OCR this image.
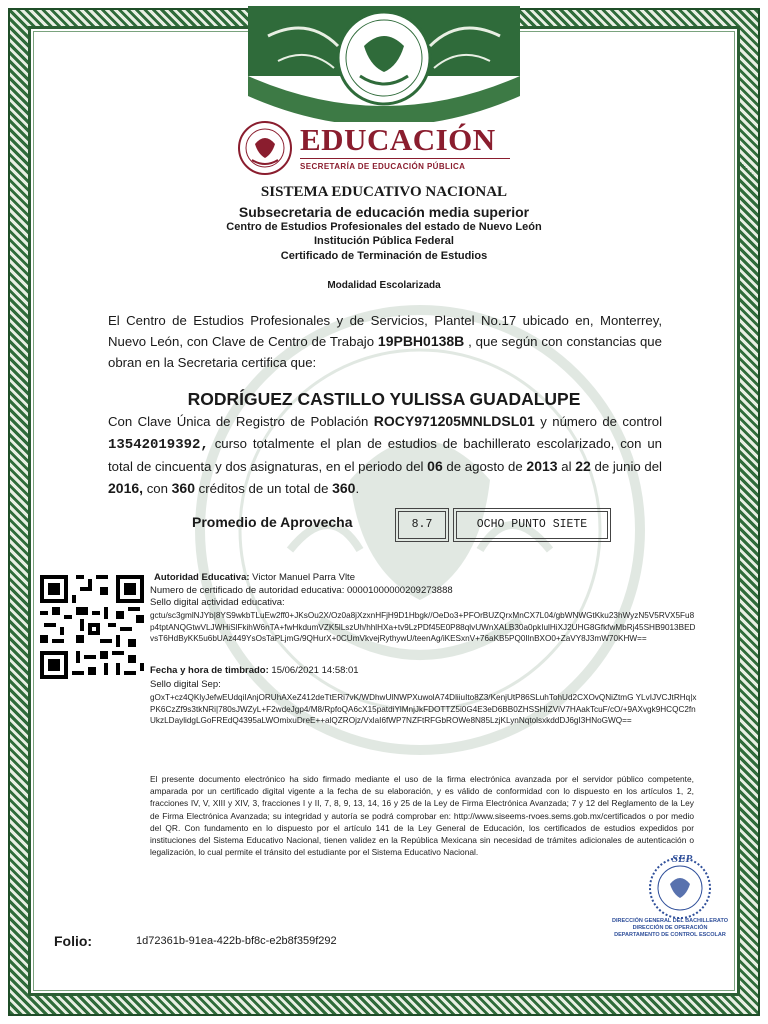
EDUCACIÓN
SECRETARÍA DE EDUCACIÓN PÚBLICA
SISTEMA EDUCATIVO NACIONAL
Subsecretaria de educación media superior
Centro de Estudios Profesionales del estado de Nuevo León
Institución Pública Federal
Certificado de Terminación de Estudios
Modalidad Escolarizada
El Centro de Estudios Profesionales y de Servicios, Plantel No.17 ubicado en, Monterrey, Nuevo León, con Clave de Centro de Trabajo 19PBH0138B , que según con constancias que obran en la Secretaria certifica que:
RODRÍGUEZ CASTILLO YULISSA GUADALUPE
Con Clave Única de Registro de Población ROCY971205MNLDSL01 y número de control 13542019392, curso totalmente el plan de estudios de bachillerato escolarizado, con un total de cincuenta y dos asignaturas, en el periodo del 06 de agosto de 2013 al 22 de junio del 2016, con 360 créditos de un total de 360.
Promedio de Aprovecha	8.7	OCHO PUNTO SIETE
Autoridad Educativa: Victor Manuel Parra Vlte
Numero de certificado de autoridad educativa: 00001000000209273888
Sello digital actividad educativa:
gctu/sc3gmlNJYb|8YS9wkbTLuEw2ff0+JKsOu2X/Oz0a8jXzxnHFjH9D1Hbgk//OeDo3+PFOrBUZQrxMnCX7L04/gbWNWGtKku23hWyzN5V5RVX5Fu8p4tptANQGtwVLJWHiSlFkihW6nTA+fwHkdumVZK5lLszUh/hhlHXa+tv9LzPDf45E0P88qlvUWnXALB30a0pkIulHiXJ2UHG8GfkfwMbRj45SHB9013BEDvsT6HdByKK5u6bUAz449YsOsTaPLjmG/9QHurX+0CUmVkvejRythywU/teenAg/iKESxnV+76aKB5PQ0IlnBXO0+ZaVY8J3mW70KHW==
Fecha y hora de timbrado: 15/06/2021 14:58:01
Sello digital Sep:
gOxT+cz4QKlyJefwEUdqiIAnjORUhAXeZ412deTtERi7vK/WDhwUlNWPXuwolA74DliiuIto8Z3/KenjUtP86SLuhTohUd2CXOvQNiZtmG YLvIJVCJtRHq|xPK6CzZf9s3tkNRi|780sJWZyL+F2wdeJgp4/M8/RpfoQA6cX15patdiYlMnjJkFDOTTZ5i0G4E3eD6BB0ZHSSHIZViV7HAakTcuF/cO/+9AXvgk9HCQC2fnUkzLDaylidgLGoFREdQ4395aLWOmixuDreE++alQZROjz/VxlaI6fWP7NZFtRFGbROWe8N85LzjKLynNqtolsxkddDJ6gI3HNoGWQ==
El presente documento electrónico ha sido firmado mediante el uso de la firma electrónica avanzada por el servidor público competente, amparada por un certificado digital vigente a la fecha de su elaboración, y es válido de conformidad con lo dispuesto en los artículos 1, 2, fracciones IV, V, XIII y XIV, 3, fracciones I y II, 7, 8, 9, 13, 14, 16 y 25 de la Ley de Firma Electrónica Avanzada; 7 y 12 del Reglamento de la Ley de Firma Electrónica Avanzada; su integridad y autoría se podrá comprobar en: http://www.siseems-rvoes.sems.gob.mx/certificados o por medio del QR. Con fundamento en lo dispuesto por el artículo 141 de la Ley General de Educación, los certificados de estudios expedidos por instituciones del Sistema Educativo Nacional, tienen validez en la República Mexicana sin necesidad de trámites adicionales de autenticación o legalización, lo cual permite el tránsito del estudiante por el Sistema Educativo Nacional.
SEP
DIRECCIÓN GENERAL DEL BACHILLERATO DIRECCIÓN DE OPERACIÓN DEPARTAMENTO DE CONTROL ESCOLAR
Folio:	1d72361b-91ea-422b-bf8c-e2b8f359f292
